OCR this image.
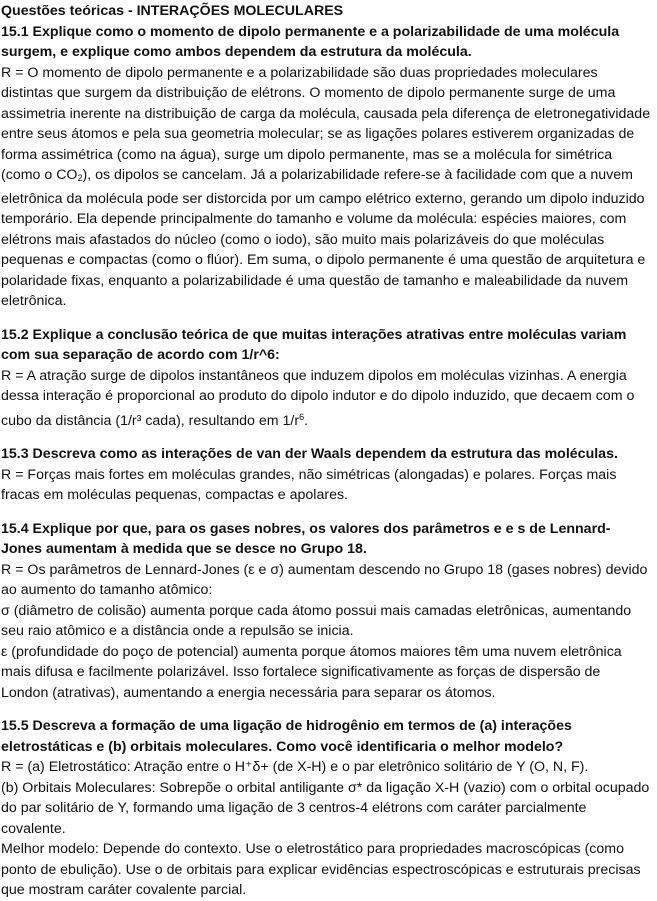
Questões teóricas - INTERAÇÕES MOLECULARES

15.1 Explique como o momento de dipolo permanente e a polarizabilidade de uma molécula surgem, e explique como ambos dependem da estrutura da molécula.

R = O momento de dipolo permanente e a polarizabilidade são duas propriedades moleculares distintas que surgem da distribuição de elétrons. O momento de dipolo permanente surge de uma assimetria inerente na distribuição de carga da molécula, causada pela diferença de eletronegatividade entre seus átomos e pela sua geometria molecular; se as ligações polares estiverem organizadas de forma assimétrica (como na água), surge um dipolo permanente, mas se a molécula for simétrica (como o $CO_2$), os dipolos se cancelam. Já a polarizabilidade refere-se à facilidade com que a nuvem eletrônica da molécula pode ser distorcida por um campo elétrico externo, gerando um dipolo induzido temporário. Ela depende principalmente do tamanho e volume da molécula: espécies maiores, com elétrons mais afastados do núcleo (como o iodo), são muito mais polarizáveis do que moléculas pequenas e compactas (como o flúor). Em suma, o dipolo permanente é uma questão de arquitetura e polaridade fixas, enquanto a polarizabilidade é uma questão de tamanho e maleabilidade da nuvem eletrônica.

15.2 Explique a conclusão teórica de que muitas interações atrativas entre moléculas variam com sua separação de acordo com 1/r^6:

R = A atração surge de dipolos instantâneos que induzem dipolos em moléculas vizinhas. A energia dessa interação é proporcional ao produto do dipolo indutor e do dipolo induzido, que decaem com o cubo da distância (1/r³ cada), resultando em $1/r^6$.

15.3 Descreva como as interações de van der Waals dependem da estrutura das moléculas.

R = Forças mais fortes em moléculas grandes, não simétricas (alongadas) e polares. Forças mais fracas em moléculas pequenas, compactas e apolares.

15.4 Explique por que, para os gases nobres, os valores dos parâmetros e e s de Lennard-Jones aumentam à medida que se desce no Grupo 18.

R = Os parâmetros de Lennard-Jones (ε e σ) aumentam descendo no Grupo 18 (gases nobres) devido ao aumento do tamanho atômico:

σ (diâmetro de colisão) aumenta porque cada átomo possui mais camadas eletrônicas, aumentando seu raio atômico e a distância onde a repulsão se inicia.

ε (profundidade do poço de potencial) aumenta porque átomos maiores têm uma nuvem eletrônica mais difusa e facilmente polarizável. Isso fortalece significativamente as forças de dispersão de London (atrativas), aumentando a energia necessária para separar os átomos.

15.5 Descreva a formação de uma ligação de hidrogênio em termos de (a) interações eletrostáticas e (b) orbitais moleculares. Como você identificaria o melhor modelo?

R = (a) Eletrostático: Atração entre o H⁺δ+ (de X-H) e o par eletrônico solitário de Y (O, N, F).

(b) Orbitais Moleculares: Sobrepõe o orbital antiligante σ* da ligação X-H (vazio) com o orbital ocupado do par solitário de Y, formando uma ligação de 3 centros-4 elétrons com caráter parcialmente covalente.

Melhor modelo: Depende do contexto. Use o eletrostático para propriedades macroscópicas (como ponto de ebulição). Use o de orbitais para explicar evidências espectroscópicas e estruturais precisas que mostram caráter covalente parcial.
